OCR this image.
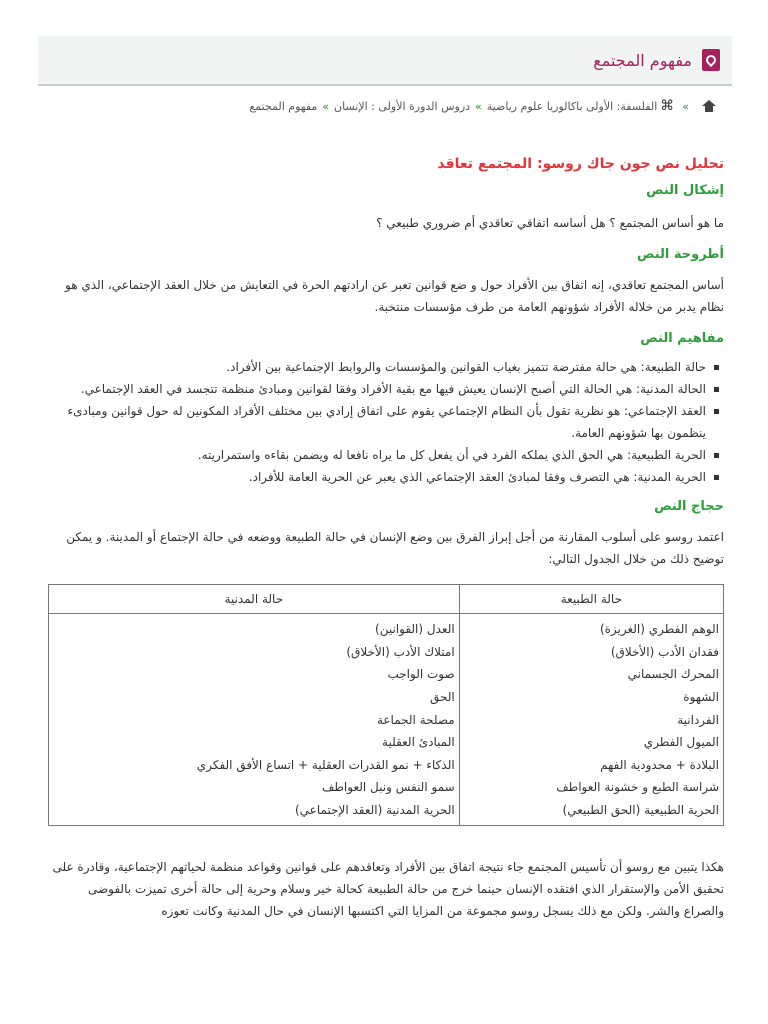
مفهوم المجتمع
»
⌘
الفلسفة: الأولى باكالوريا علوم رياضية
»
دروس الدورة الأولى : الإنسان
»
مفهوم المجتمع
تحليل نص جون جاك روسو: المجتمع تعاقد
إشكال النص

ما هو أساس المجتمع ؟ هل أساسه اتفاقي تعاقدي أم ضروري طبيعي ؟

أطروحة النص

أساس المجتمع تعاقدي، إنه اتفاق بين الأفراد حول و ضع قوانين تعبر عن ارادتهم الحرة في التعايش من خلال العقد الإجتماعي، الذي هو نظام يدبر من خلاله الأفراد شؤونهم العامة من طرف مؤسسات منتخبة.

مفاهيم النص
حالة الطبيعة: هي حالة مفترضة تتميز بغياب القوانين والمؤسسات والروابط الإجتماعية بين الأفراد.
الحالة المدنية: هي الحالة التي أصبح الإنسان يعيش فيها مع بقية الأفراد وفقا لقوانين ومبادئ منظمة تتجسد في العقد الإجتماعي.
العقد الإجتماعي: هو نظرية تقول بأن النظام الإجتماعي يقوم على اتفاق إرادي بين مختلف الأفراد المكونين له حول قوانين ومبادىء ينظمون بها شؤونهم العامة.
الحرية الطبيعية: هي الحق الذي يملكه الفرد في أن يفعل كل ما يراه نافعا له ويضمن بقاءه واستمراريته.
الحرية المدنية: هي التصرف وفقا لمبادئ العقد الإجتماعي الذي يعبر عن الحرية العامة للأفراد.
حجاج النص

اعتمد روسو على أسلوب المقارنة من أجل إبراز الفرق بين وضع الإنسان في حالة الطبيعة ووضعه في حالة الإجتماع أو المدينة. و يمكن توضيح ذلك من خلال الجدول التالي:

حالة الطبيعة	حالة المدنية
الوهم الفطري (الغريزة)	العدل (القوانين)
فقدان الأدب (الأخلاق)	امتلاك الأدب (الأخلاق)
المحرك الجسماني	صوت الواجب
الشهوة	الحق
الفردانية	مصلحة الجماعة
الميول الفطري	المبادئ العقلية
البلادة + محدودية الفهم	الذكاء + نمو القدرات العقلية + اتساع الأفق الفكري
شراسة الطبع و خشونة العواطف	سمو النفس ونبل العواطف
الحرية الطبيعية (الحق الطبيعي)	الحرية المدنية (العقد الإجتماعي)

هكذا يتبين مع روسو أن تأسيس المجتمع جاء نتيجة اتفاق بين الأفراد وتعاقدهم على قوانين وقواعد منظمة لحياتهم الإجتماعية، وقادرة على تحقيق الأمن والإستقرار الذي افتقده الإنسان حينما خرج من حالة الطبيعة كحالة خير وسلام وحرية إلى حالة أخرى تميزت بالفوضى والصراع والشر. ولكن مع ذلك يسجل روسو مجموعة من المزايا التي اكتسبها الإنسان في حال المدنية وكانت تعوزه
